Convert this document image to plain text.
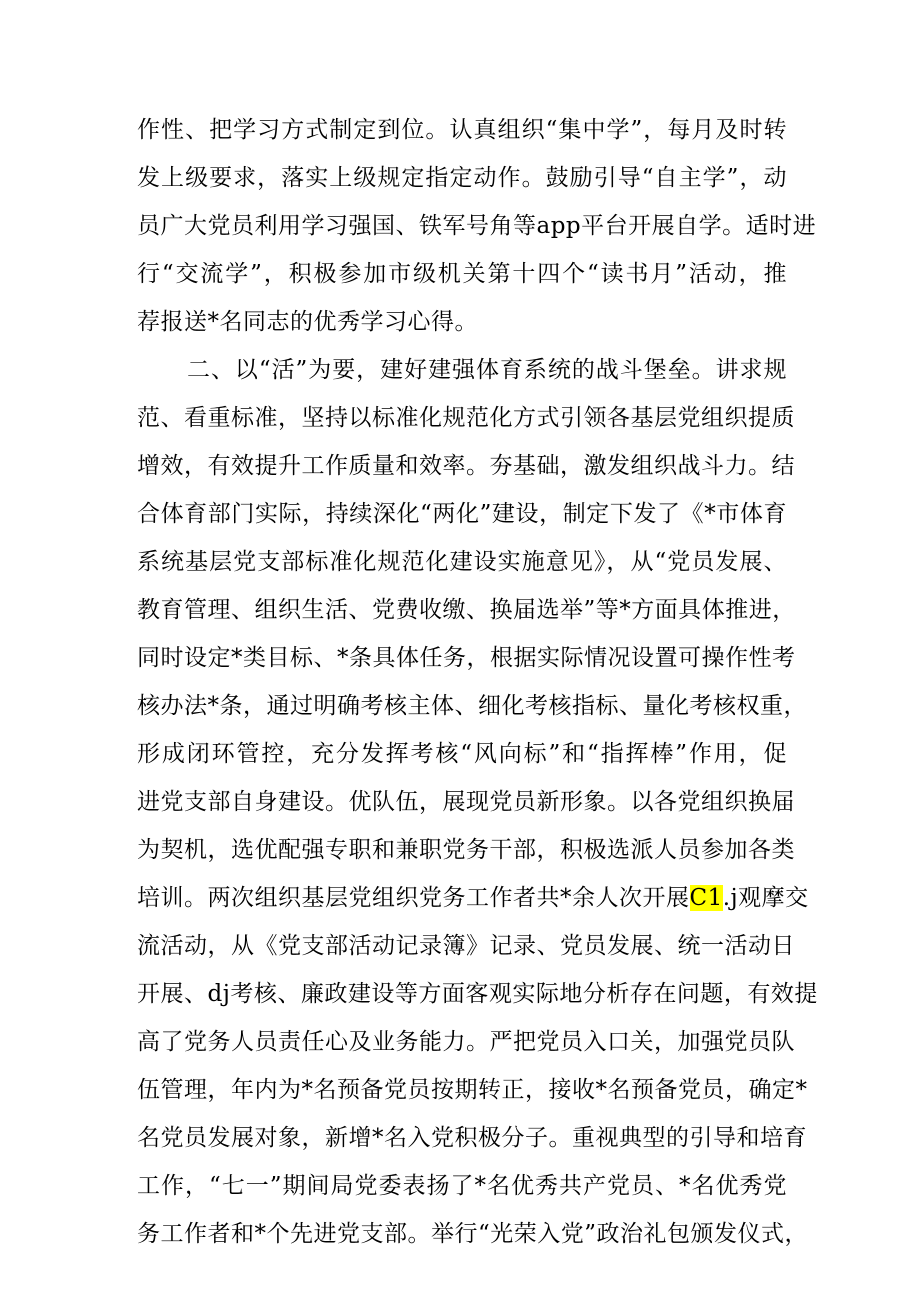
作性、把学习方式制定到位。认真组织“集中学”，每月及时转
发上级要求，落实上级规定指定动作。鼓励引导“自主学”，动
员广大党员利用学习强国、铁军号角等app平台开展自学。适时进
行“交流学”，积极参加市级机关第十四个“读书月”活动，推
荐报送*名同志的优秀学习心得。
二、以“活”为要，建好建强体育系统的战斗堡垒。讲求规
范、看重标准，坚持以标准化规范化方式引领各基层党组织提质
增效，有效提升工作质量和效率。夯基础，激发组织战斗力。结
合体育部门实际，持续深化“两化”建设，制定下发了《*市体育
系统基层党支部标准化规范化建设实施意见》，从“党员发展、
教育管理、组织生活、党费收缴、换届选举”等*方面具体推进，
同时设定*类目标、*条具体任务，根据实际情况设置可操作性考
核办法*条，通过明确考核主体、细化考核指标、量化考核权重，
形成闭环管控，充分发挥考核“风向标”和“指挥棒”作用，促
进党支部自身建设。优队伍，展现党员新形象。以各党组织换届
为契机，选优配强专职和兼职党务干部，积极选派人员参加各类
培训。两次组织基层党组织党务工作者共*余人次开展C1.j观摩交
流活动，从《党支部活动记录簿》记录、党员发展、统一活动日
开展、dj考核、廉政建设等方面客观实际地分析存在问题，有效提
高了党务人员责任心及业务能力。严把党员入口关，加强党员队
伍管理，年内为*名预备党员按期转正，接收*名预备党员，确定*
名党员发展对象，新增*名入党积极分子。重视典型的引导和培育
工作，“七一”期间局党委表扬了*名优秀共产党员、*名优秀党
务工作者和*个先进党支部。举行“光荣入党”政治礼包颁发仪式，
